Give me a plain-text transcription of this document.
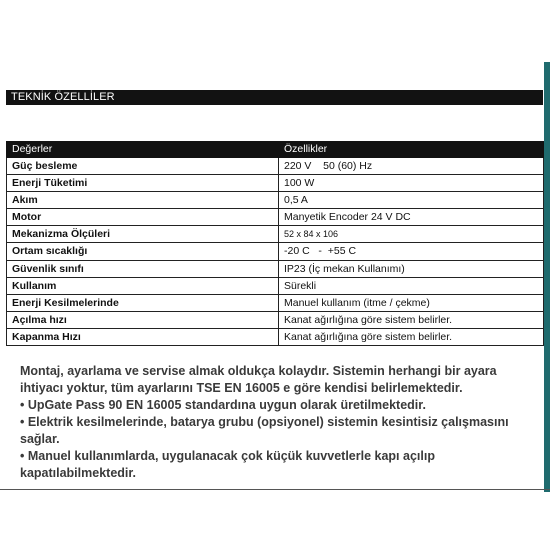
TEKNİK ÖZELLİLER
Değerler	Özellikler
Güç besleme	220 V    50 (60) Hz
Enerji Tüketimi	100 W
Akım	0,5 A
Motor	Manyetik Encoder 24 V DC
Mekanizma Ölçüleri	52 x 84 x 106
Ortam sıcaklığı	-20 C   -  +55 C
Güvenlik sınıfı	IP23 (İç mekan Kullanımı)
Kullanım	Sürekli
Enerji Kesilmelerinde	Manuel kullanım (itme / çekme)
Açılma hızı	Kanat ağırlığına göre sistem belirler.
Kapanma Hızı	Kanat ağırlığına göre sistem belirler.

Montaj, ayarlama ve servise almak oldukça kolaydır. Sistemin herhangi bir ayara ihtiyacı yoktur, tüm ayarlarını TSE EN 16005 e göre kendisi belirlemektedir.

• UpGate Pass 90 EN 16005 standardına uygun olarak üretilmektedir.

• Elektrik kesilmelerinde, batarya grubu (opsiyonel) sistemin kesintisiz çalışmasını sağlar.

• Manuel kullanımlarda, uygulanacak çok küçük kuvvetlerle kapı açılıp kapatılabilmektedir.
